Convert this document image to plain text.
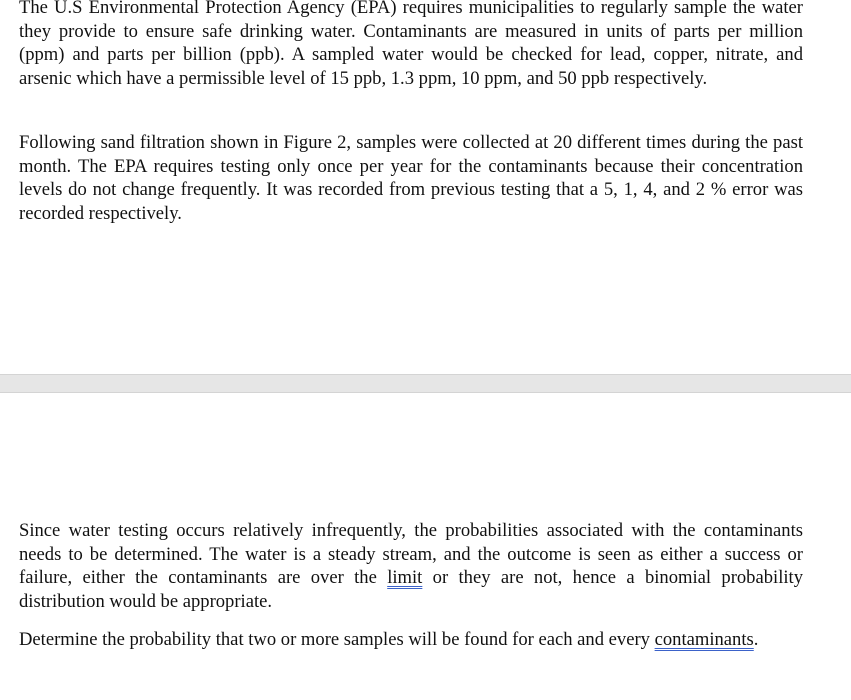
The U.S Environmental Protection Agency (EPA) requires municipalities to regularly sample the water they provide to ensure safe drinking water. Contaminants are measured in units of parts per million (ppm) and parts per billion (ppb). A sampled water would be checked for lead, copper, nitrate, and arsenic which have a permissible level of 15 ppb, 1.3 ppm, 10 ppm, and 50 ppb respectively.

Following sand filtration shown in Figure 2, samples were collected at 20 different times during the past month. The EPA requires testing only once per year for the contaminants because their concentration levels do not change frequently. It was recorded from previous testing that a 5, 1, 4, and 2 % error was recorded respectively.

Since water testing occurs relatively infrequently, the probabilities associated with the contaminants needs to be determined. The water is a steady stream, and the outcome is seen as either a success or failure, either the contaminants are over the limit or they are not, hence a binomial probability distribution would be appropriate.

Determine the probability that two or more samples will be found for each and every contaminants.
